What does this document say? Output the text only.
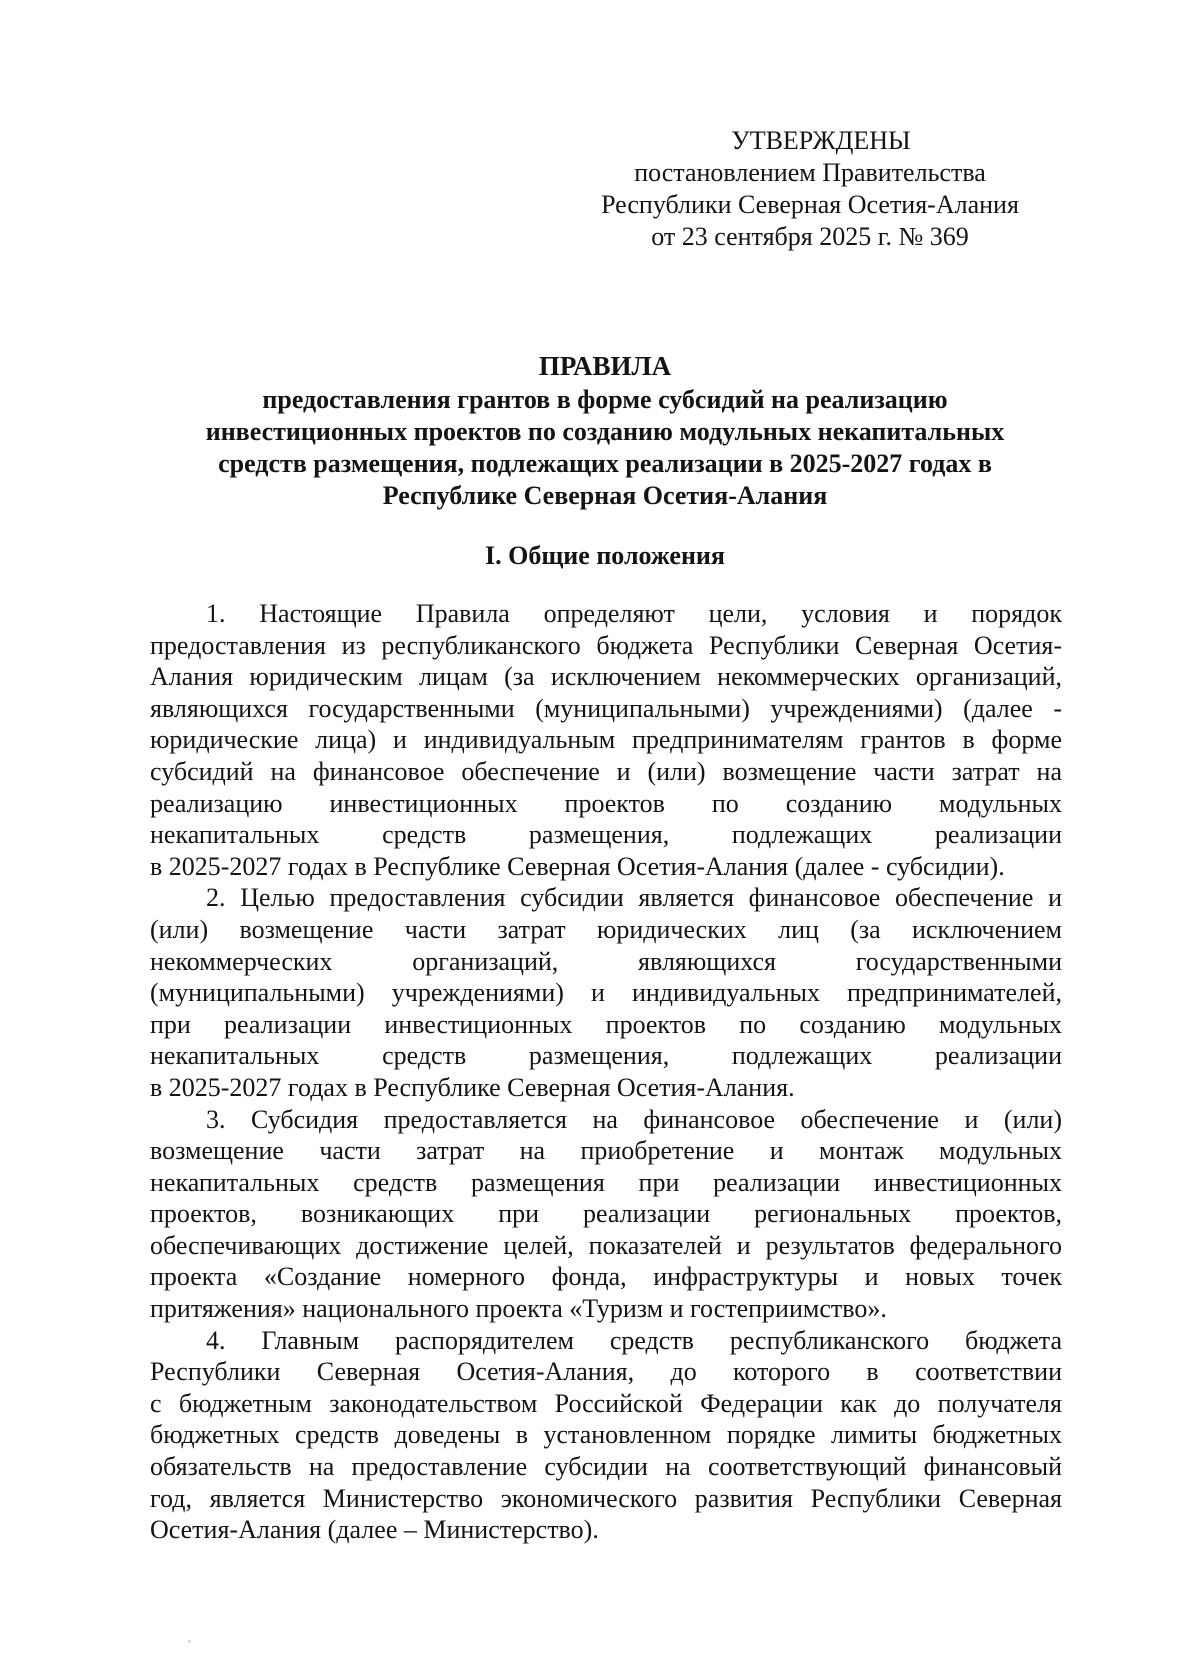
УТВЕРЖДЕНЫ
постановлением Правительства
Республики Северная Осетия-Алания
от 23 сентября 2025 г. № 369
ПРАВИЛА
предоставления грантов в форме субсидий на реализацию
инвестиционных проектов по созданию модульных некапитальных
средств размещения, подлежащих реализации в 2025-2027 годах в
Республике Северная Осетия-Алания
I. Общие положения
1. Настоящие Правила определяют цели, условия и порядок
предоставления из республиканского бюджета Республики Северная Осетия-
Алания юридическим лицам (за исключением некоммерческих организаций,
являющихся государственными (муниципальными) учреждениями) (далее -
юридические лица) и индивидуальным предпринимателям грантов в форме
субсидий на финансовое обеспечение и (или) возмещение части затрат на
реализацию инвестиционных проектов по созданию модульных
некапитальных средств размещения, подлежащих реализации
в 2025-2027 годах в Республике Северная Осетия-Алания (далее - субсидии).
2. Целью предоставления субсидии является финансовое обеспечение и
(или) возмещение части затрат юридических лиц (за исключением
некоммерческих организаций, являющихся государственными
(муниципальными) учреждениями) и индивидуальных предпринимателей,
при реализации инвестиционных проектов по созданию модульных
некапитальных средств размещения, подлежащих реализации
в 2025-2027 годах в Республике Северная Осетия-Алания.
3. Субсидия предоставляется на финансовое обеспечение и (или)
возмещение части затрат на приобретение и монтаж модульных
некапитальных средств размещения при реализации инвестиционных
проектов, возникающих при реализации региональных проектов,
обеспечивающих достижение целей, показателей и результатов федерального
проекта «Создание номерного фонда, инфраструктуры и новых точек
притяжения» национального проекта «Туризм и гостеприимство».
4. Главным распорядителем средств республиканского бюджета
Республики Северная Осетия-Алания, до которого в соответствии
с бюджетным законодательством Российской Федерации как до получателя
бюджетных средств доведены в установленном порядке лимиты бюджетных
обязательств на предоставление субсидии на соответствующий финансовый
год, является Министерство экономического развития Республики Северная
Осетия-Алания (далее – Министерство).
